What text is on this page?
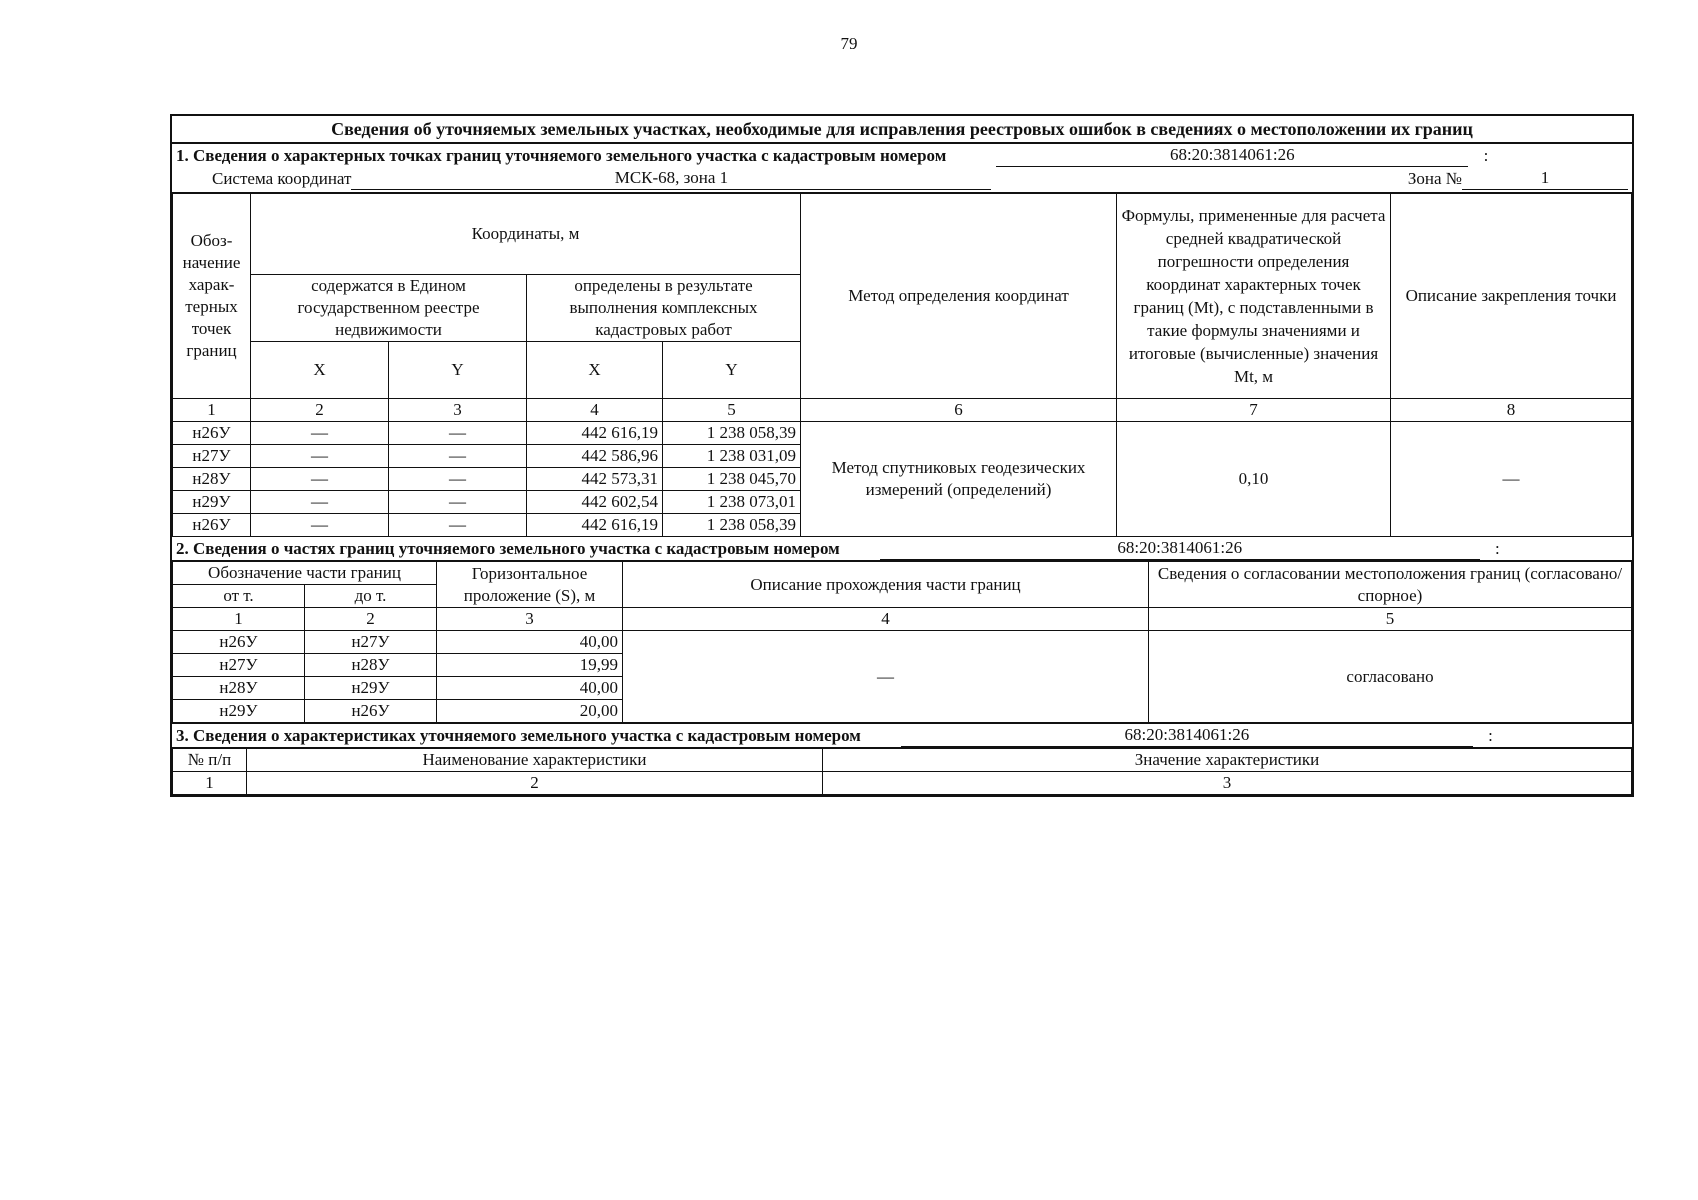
79
Сведения об уточняемых земельных участках, необходимые для исправления реестровых ошибок в сведениях о местоположении их границ
1. Сведения о характерных точках границ уточняемого земельного участка с кадастровым номером	68:20:3814061:26	:
Система координат	МСК-68, зона 1	Зона №	1
Обоз-начение харак-терных точек границ	Координаты, м				Метод определения координат	Формулы, примененные для расчета средней квадратической погрешности определения координат характерных точек границ (Mt), с подставленными в такие формулы значениями и итоговые (вычисленные) значения Mt, м	Описание закрепления точки
	содержатся в Едином государственном реестре недвижимости		определены в результате выполнения комплексных кадастровых работ				
	X	Y	X	Y			
1	2	3	4	5	6	7	8
н26У	—	—	442 616,19	1 238 058,39	Метод спутниковых геодезических измерений (определений)	0,10	—
н27У	—	—	442 586,96	1 238 031,09			
н28У	—	—	442 573,31	1 238 045,70			
н29У	—	—	442 602,54	1 238 073,01			
н26У	—	—	442 616,19	1 238 058,39			
2. Сведения о частях границ уточняемого земельного участка с кадастровым номером	68:20:3814061:26	:
Обозначение части границ		Горизонтальное проложение (S), м	Описание прохождения части границ	Сведения о согласовании местоположения границ (согласовано/спорное)
от т.	до т.			
1	2	3	4	5
н26У	н27У	40,00	—	согласовано
н27У	н28У	19,99		
н28У	н29У	40,00		
н29У	н26У	20,00		
3. Сведения о характеристиках уточняемого земельного участка с кадастровым номером	68:20:3814061:26	:
№ п/п	Наименование характеристики	Значение характеристики
1	2	3
